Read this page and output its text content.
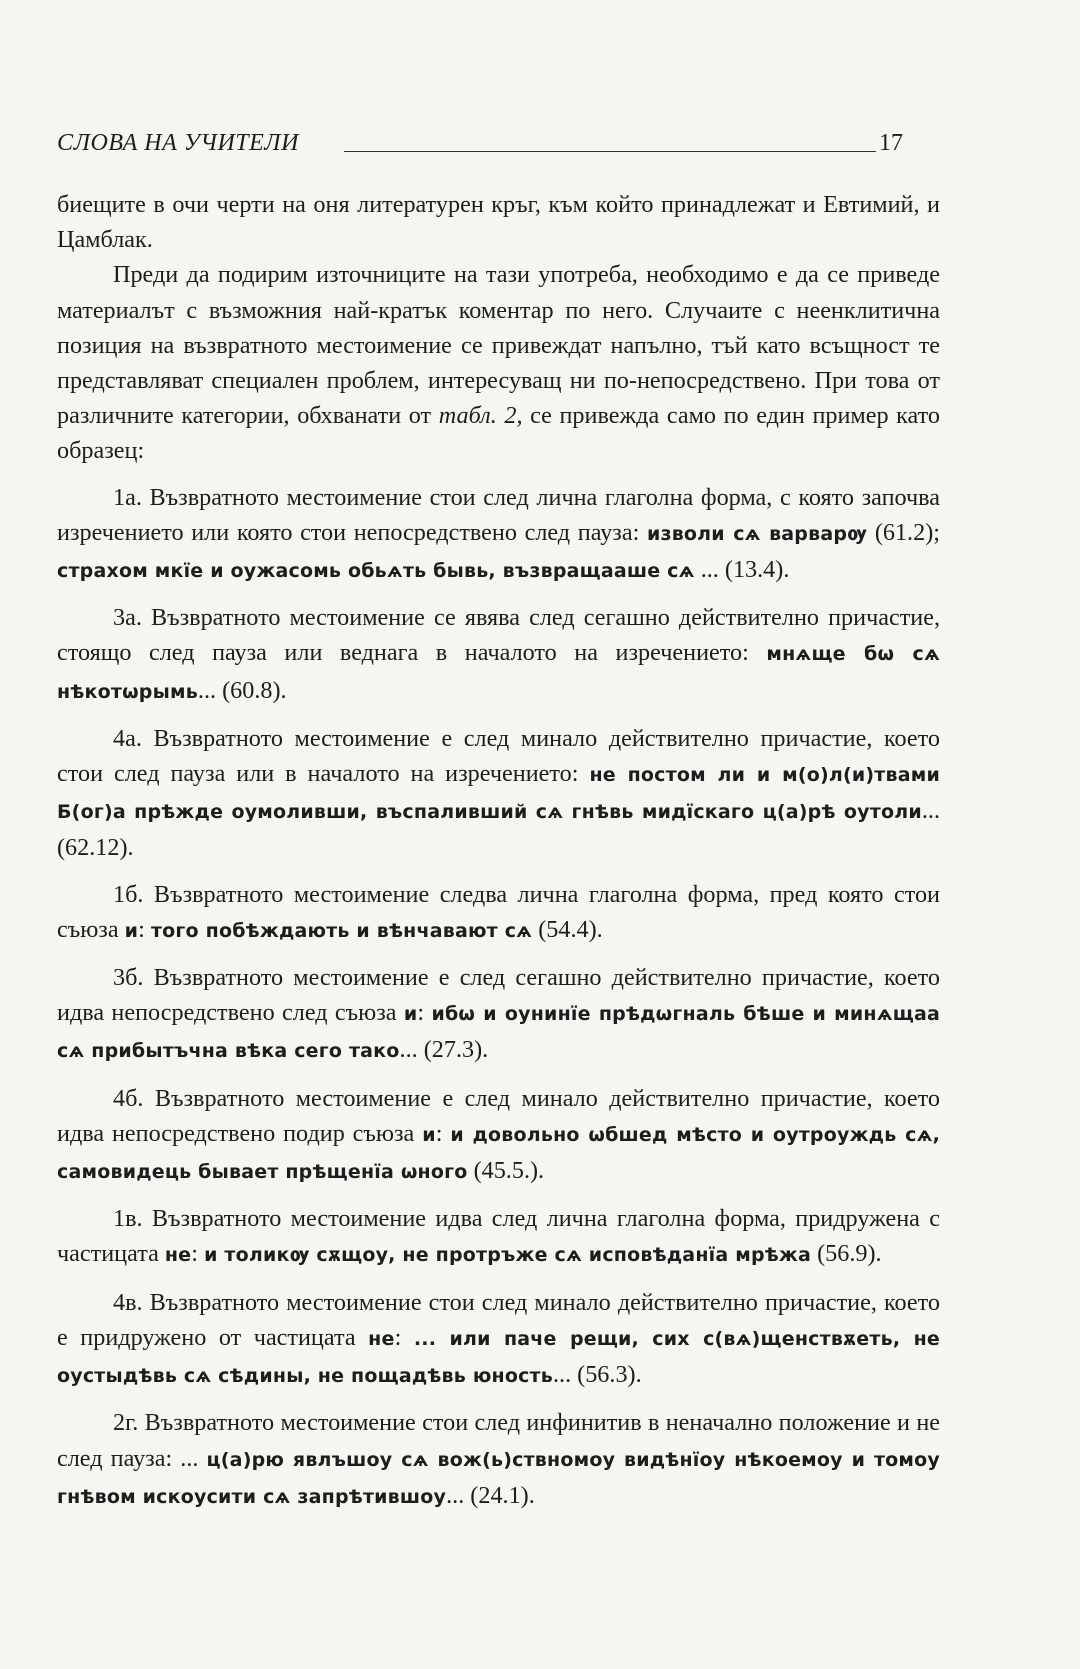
СЛОВА НА УЧИТЕЛИ	17

биещите в очи черти на оня литературен кръг, към който принадлежат и Евтимий, и Цамблак.

Преди да подирим източниците на тази употреба, необходимо е да се приведе материалът с възможния най-кратък коментар по него. Случаите с неенклитична позиция на възвратното местоимение се привеждат напълно, тъй като всъщност те представляват специален проблем, интересуващ ни по-непосредствено. При това от различните категории, обхванати от табл. 2, се привежда само по един пример като образец:

1а. Възвратното местоимение стои след лична глаголна форма, с която започва изречението или която стои непосредствено след пауза: изволи сѧ варварѹ (61.2); страхом мкїе и оужасомь обьѧть бывь, възвращааше сѧ ... (13.4).

3а. Възвратното местоимение се явява след сегашно действително причастие, стоящо след пауза или веднага в началото на изречението: мнѧще бѡ сѧ нѣкотѡрымь... (60.8).

4а. Възвратното местоимение е след минало действително причастие, което стои след пауза или в началото на изречението: не постом ли и м(о)л(и)твами Б(ог)а прѣжде оумоливши, въспаливший сѧ гнѣвь мидїскаго ц(а)рѣ оутоли... (62.12).

1б. Възвратното местоимение следва лична глаголна форма, пред която стои съюза и: того побѣждають и вѣнчавают сѧ (54.4).

3б. Възвратното местоимение е след сегашно действително причастие, което идва непосредствено след съюза и: ибѡ и оунинїе прѣдѡгналь бѣше и минѧщаа сѧ прибытъчна вѣка сего тако... (27.3).

4б. Възвратното местоимение е след минало действително причастие, което идва непосредствено подир съюза и: и довольно ѡбшед мѣсто и оутроуждь сѧ, самовидець бывает прѣщенїа ѡного (45.5.).

1в. Възвратното местоимение идва след лична глаголна форма, придружена с частицата не: и толикѹ сѫщоу, не протръже сѧ исповѣданїа мрѣжа (56.9).

4в. Възвратното местоимение стои след минало действително причастие, което е придружено от частицата не: ... или паче рещи, сих с(вѧ)щенствѫеть, не оустыдѣвь сѧ сѣдины, не пощадѣвь юность... (56.3).

2г. Възвратното местоимение стои след инфинитив в неначално положение и не след пауза: ... ц(а)рю явлъшоу сѧ вож(ь)ствномоу видѣнїоу нѣкоемоу и томоу гнѣвом искоусити сѧ запрѣтившоу... (24.1).
